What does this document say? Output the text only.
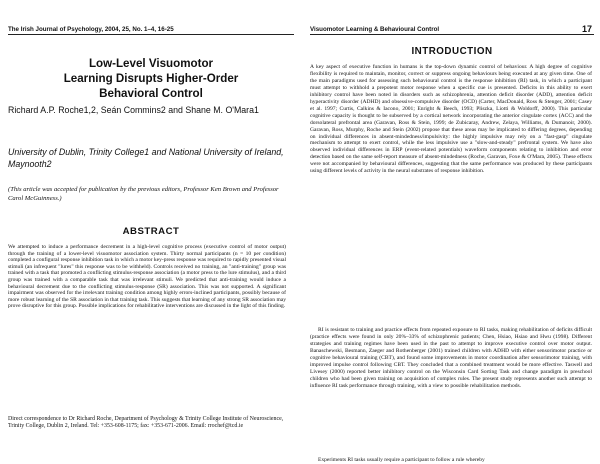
The Irish Journal of Psychology, 2004, 25, No. 1–4, 16-25
Low-Level Visuomotor
Learning Disrupts Higher-Order
Behavioral Control
Richard A.P. Roche1,2, Seán Commins2 and Shane M. O'Mara1
University of Dublin, Trinity College1 and National University of Ireland, Maynooth2
(This article was accepted for publication by the previous editors, Professor Ken Brown and Professor Carol McGuinness.)
ABSTRACT
We attempted to induce a performance decrement in a high-level cognitive process (executive control of motor output) through the training of a lower-level visuomotor association system. Thirty normal participants (n = 10 per condition) completed a configural response inhibition task in which a motor key-press response was required to rapidly presented visual stimuli (an infrequent "lures" this response was to be withheld). Controls received no training, an "anti-training" group was trained with a task that promoted a conflicting stimulus-response association (a motor press to the lure stimulus), and a third group was trained with a comparable task that was irrelevant stimuli. We predicted that anti-training would induce a behavioural decrement due to the conflicting stimulus-response (SR) association. This was not supported. A significant impairment was observed for the irrelevant training condition among highly errors-inclined participants, possibly because of more robust learning of the SR association in that training task. This suggests that learning of any strong SR association may prove disruptive for this group. Possible implications for rehabilitative interventions are discussed in the light of this finding.
Direct correspondence to Dr Richard Roche, Department of Psychology & Trinity College Institute of Neuroscience, Trinity College, Dublin 2, Ireland. Tel: +353-608-1175; fax: +353-671-2006. Email: rrochef@tcd.ie
Visuomotor Learning & Behavioural Control	17
INTRODUCTION
A key aspect of executive function in humans is the top-down dynamic control of behaviour. A high degree of cognitive flexibility is required to maintain, monitor, correct or suppress ongoing behaviours being executed at any given time. One of the main paradigms used for assessing such behavioural control is the response inhibition (RI) task, in which a participant must attempt to withhold a prepotent motor response when a specific cue is presented. Deficits in this ability to exert inhibitory control have been noted in disorders such as schizophrenia, attention deficit disorder (ADD), attention deficit hyperactivity disorder (ADHD) and obsessive-compulsive disorder (OCD) (Carter, MacDonald, Ross & Stenger, 2001; Casey et al. 1997; Curtis, Calkins & Iacono, 2001; Enright & Beech, 1993; Pliszka, Liotti & Woldorff, 2000). This particular cognitive capacity is thought to be subserved by a cortical network incorporating the anterior cingulate cortex (ACC) and the dorsolateral prefrontal area (Garavan, Ross & Stein, 1999; de Zubicaray, Andrew, Zelaya, Williams, & Dumanoir, 2000). Garavan, Ross, Murphy, Roche and Stein (2002) propose that these areas may be implicated to differing degrees, depending on individual differences in absent-mindedness/impulsivity: the highly impulsive may rely on a "fast-gasp" cingulate mechanism to attempt to exert control, while the less impulsive use a "slow-and-steady" prefrontal system. We have also observed individual differences in ERP (event-related potentials) waveform components relating to inhibition and error detection based on the same self-report measure of absent-mindedness (Roche, Garavan, Foxe & O'Mara, 2005). These effects were not accompanied by behavioural differences, suggesting that the same performance was produced by these participants using different levels of activity in the neural substrates of response inhibition.
RI is resistant to training and practice effects from repeated exposure to RI tasks, making rehabilitation of deficits difficult (practice effects were found in only 20%–33% of schizophrenic patients; Chen, Hsiao, Hsiao and Hwu (1998). Different strategies and training regimes have been used in the past to attempt to improve executive control over motor output. Banaschewski, Besmann, Zaeger and Rothenberger (2001) trained children with ADHD with either sensorimotor practice or cognitive behavioural training (CBT), and found some improvements in motor coordination after sensorimotor training, with improved impulse control following CBT. They concluded that a combined treatment would be more effective. Taswell and Livesey (2000) reported better inhibitory control on the Wisconsin Card Sorting Task and change paradigm in preschool children who had been given training on acquisition of complex rules. The present study represents another such attempt to influence RI task performance through training, with a view to possible rehabilitation methods.
Experiments RI tasks usually require a participant to follow a rule whereby
